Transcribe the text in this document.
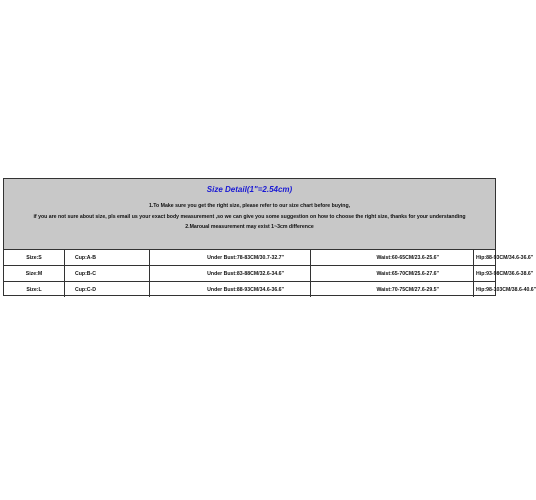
Size Detail(1"=2.54cm)
1.To Make sure you get the right size, please refer to our size chart before buying,
if you are not sure about size, pls email us your exact body measurement ,so we can give you some suggestion on how to choose the right size, thanks for your understanding
2.Maroual measurement may exist 1~3cm difference
Size:S	Cup:A-B	Under Bust:78-83CM/30.7-32.7"	Waist:60-65CM/23.6-25.6"	Hip:88-93CM/34.6-36.6"
Size:M	Cup:B-C	Under Bust:83-88CM/32.6-34.6"	Waist:65-70CM/25.6-27.6"	Hip:93-98CM/36.6-38.6"
Size:L	Cup:C-D	Under Bust:88-93CM/34.6-36.6"	Waist:70-75CM/27.6-29.5"	Hip:98-103CM/38.6-40.6"
